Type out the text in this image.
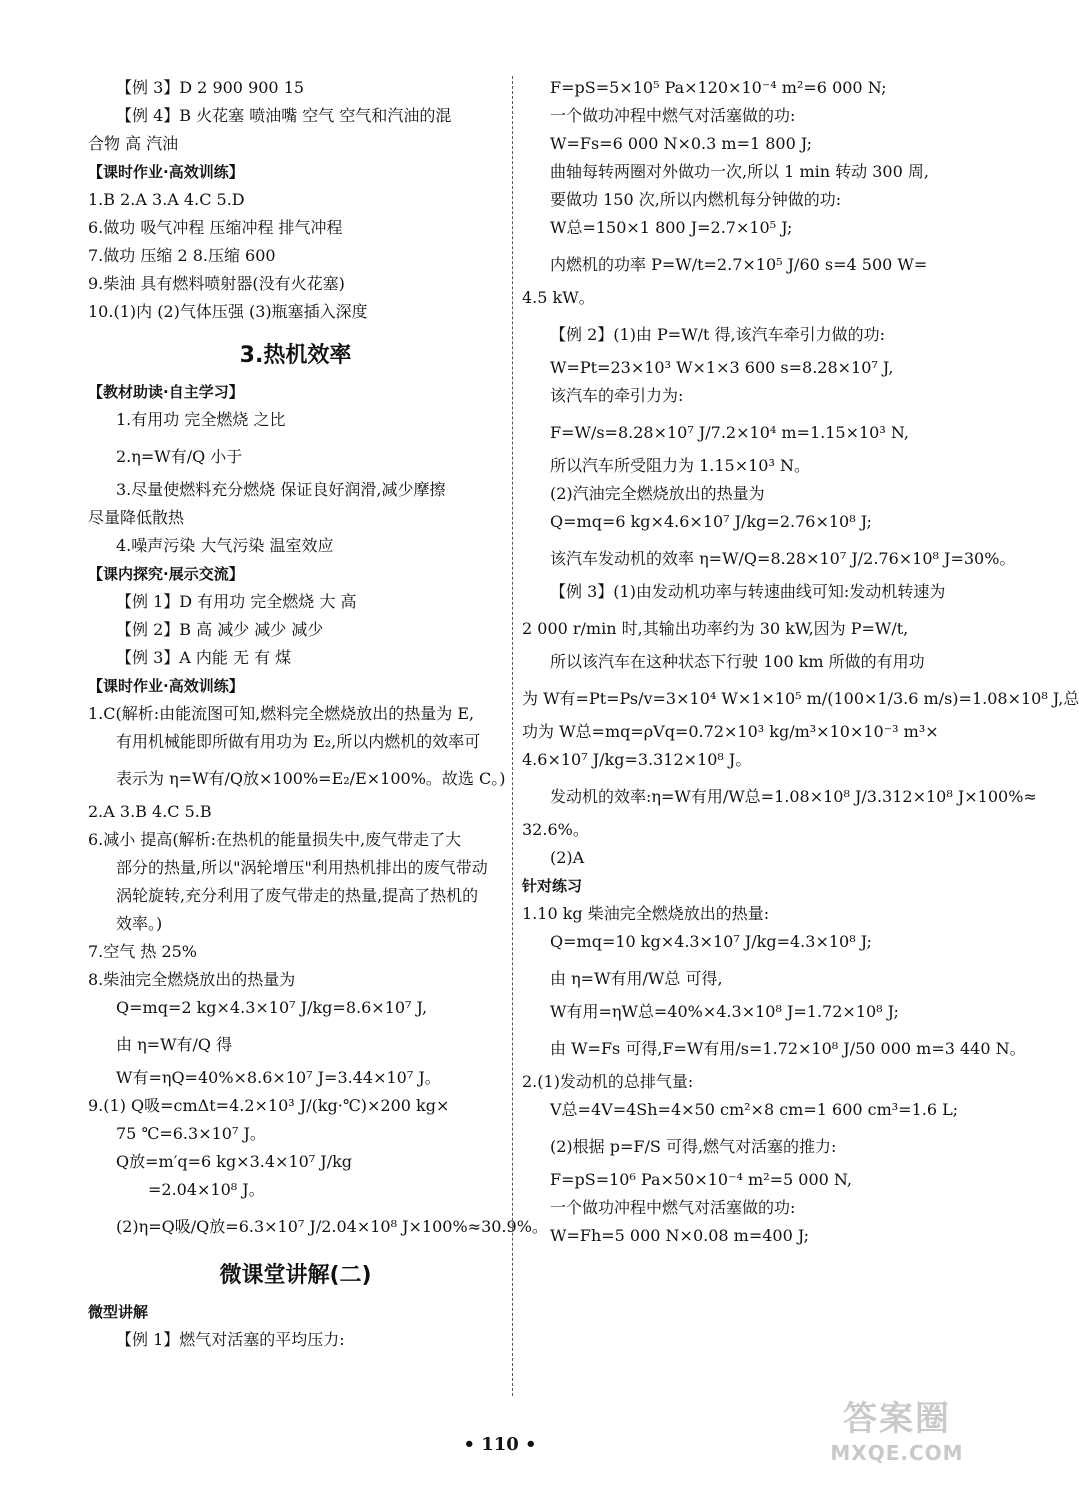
【例 3】D 2 900 900 15
【例 4】B 火花塞 喷油嘴 空气 空气和汽油的混
合物 高 汽油
【课时作业·高效训练】
1.B 2.A 3.A 4.C 5.D
6.做功 吸气冲程 压缩冲程 排气冲程
7.做功 压缩 2 8.压缩 600
9.柴油 具有燃料喷射器(没有火花塞)
10.(1)内 (2)气体压强 (3)瓶塞插入深度
3.热机效率
【教材助读·自主学习】
1.有用功 完全燃烧 之比
2.η=W有/Q 小于
3.尽量使燃料充分燃烧 保证良好润滑,减少摩擦
尽量降低散热
4.噪声污染 大气污染 温室效应
【课内探究·展示交流】
【例 1】D 有用功 完全燃烧 大 高
【例 2】B 高 减少 减少 减少
【例 3】A 内能 无 有 煤
【课时作业·高效训练】
1.C(解析:由能流图可知,燃料完全燃烧放出的热量为 E,
有用机械能即所做有用功为 E₂,所以内燃机的效率可
表示为 η=W有/Q放×100%=E₂/E×100%。故选 C。)
2.A 3.B 4.C 5.B
6.减小 提高(解析:在热机的能量损失中,废气带走了大
部分的热量,所以"涡轮增压"利用热机排出的废气带动
涡轮旋转,充分利用了废气带走的热量,提高了热机的
效率。)
7.空气 热 25%
8.柴油完全燃烧放出的热量为
Q=mq=2 kg×4.3×10⁷ J/kg=8.6×10⁷ J,
由 η=W有/Q 得
W有=ηQ=40%×8.6×10⁷ J=3.44×10⁷ J。
9.(1) Q吸=cmΔt=4.2×10³ J/(kg·℃)×200 kg×
75 ℃=6.3×10⁷ J。
Q放=m′q=6 kg×3.4×10⁷ J/kg
=2.04×10⁸ J。
(2)η=Q吸/Q放=6.3×10⁷ J/2.04×10⁸ J×100%≈30.9%。
微课堂讲解(二)
微型讲解
【例 1】燃气对活塞的平均压力:
F=pS=5×10⁵ Pa×120×10⁻⁴ m²=6 000 N;
一个做功冲程中燃气对活塞做的功:
W=Fs=6 000 N×0.3 m=1 800 J;
曲轴每转两圈对外做功一次,所以 1 min 转动 300 周,
要做功 150 次,所以内燃机每分钟做的功:
W总=150×1 800 J=2.7×10⁵ J;
内燃机的功率 P=W/t=2.7×10⁵ J/60 s=4 500 W=
4.5 kW。
【例 2】(1)由 P=W/t 得,该汽车牵引力做的功:
W=Pt=23×10³ W×1×3 600 s=8.28×10⁷ J,
该汽车的牵引力为:
F=W/s=8.28×10⁷ J/7.2×10⁴ m=1.15×10³ N,
所以汽车所受阻力为 1.15×10³ N。
(2)汽油完全燃烧放出的热量为
Q=mq=6 kg×4.6×10⁷ J/kg=2.76×10⁸ J;
该汽车发动机的效率 η=W/Q=8.28×10⁷ J/2.76×10⁸ J=30%。
【例 3】(1)由发动机功率与转速曲线可知:发动机转速为
2 000 r/min 时,其输出功率约为 30 kW,因为 P=W/t,
所以该汽车在这种状态下行驶 100 km 所做的有用功
为 W有=Pt=Ps/v=3×10⁴ W×1×10⁵ m/(100×1/3.6 m/s)=1.08×10⁸ J,总
功为 W总=mq=ρVq=0.72×10³ kg/m³×10×10⁻³ m³×
4.6×10⁷ J/kg=3.312×10⁸ J。
发动机的效率:η=W有用/W总=1.08×10⁸ J/3.312×10⁸ J×100%≈
32.6%。
(2)A
针对练习
1.10 kg 柴油完全燃烧放出的热量:
Q=mq=10 kg×4.3×10⁷ J/kg=4.3×10⁸ J;
由 η=W有用/W总 可得,
W有用=ηW总=40%×4.3×10⁸ J=1.72×10⁸ J;
由 W=Fs 可得,F=W有用/s=1.72×10⁸ J/50 000 m=3 440 N。
2.(1)发动机的总排气量:
V总=4V=4Sh=4×50 cm²×8 cm=1 600 cm³=1.6 L;
(2)根据 p=F/S 可得,燃气对活塞的推力:
F=pS=10⁶ Pa×50×10⁻⁴ m²=5 000 N,
一个做功冲程中燃气对活塞做的功:
W=Fh=5 000 N×0.08 m=400 J;
• 110 •
答案圈
MXQE.COM
